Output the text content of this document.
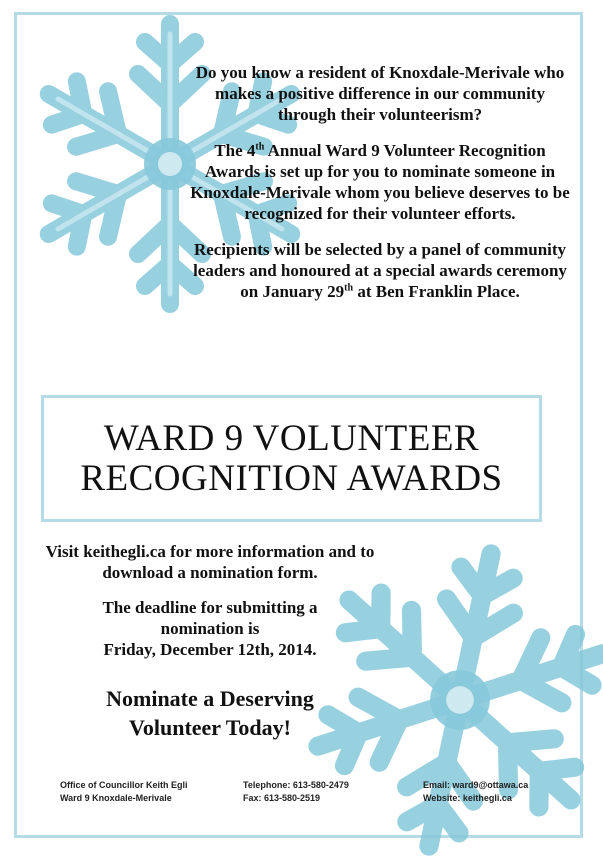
Do you know a resident of Knoxdale-Merivale who makes a positive difference in our community through their volunteerism?

The 4th Annual Ward 9 Volunteer Recognition Awards is set up for you to nominate someone in Knoxdale-Merivale whom you believe deserves to be recognized for their volunteer efforts.

Recipients will be selected by a panel of community leaders and honoured at a special awards ceremony on January 29th at Ben Franklin Place.

WARD 9 VOLUNTEER
RECOGNITION AWARDS

Visit keithegli.ca for more information and to download a nomination form.

The deadline for submitting a
nomination is
Friday, December 12th, 2014.

Nominate a Deserving
Volunteer Today!
Office of Councillor Keith Egli
Ward 9 Knoxdale-Merivale
Telephone: 613-580-2479
Fax: 613-580-2519
Email: ward9@ottawa.ca
Website: keithegli.ca
